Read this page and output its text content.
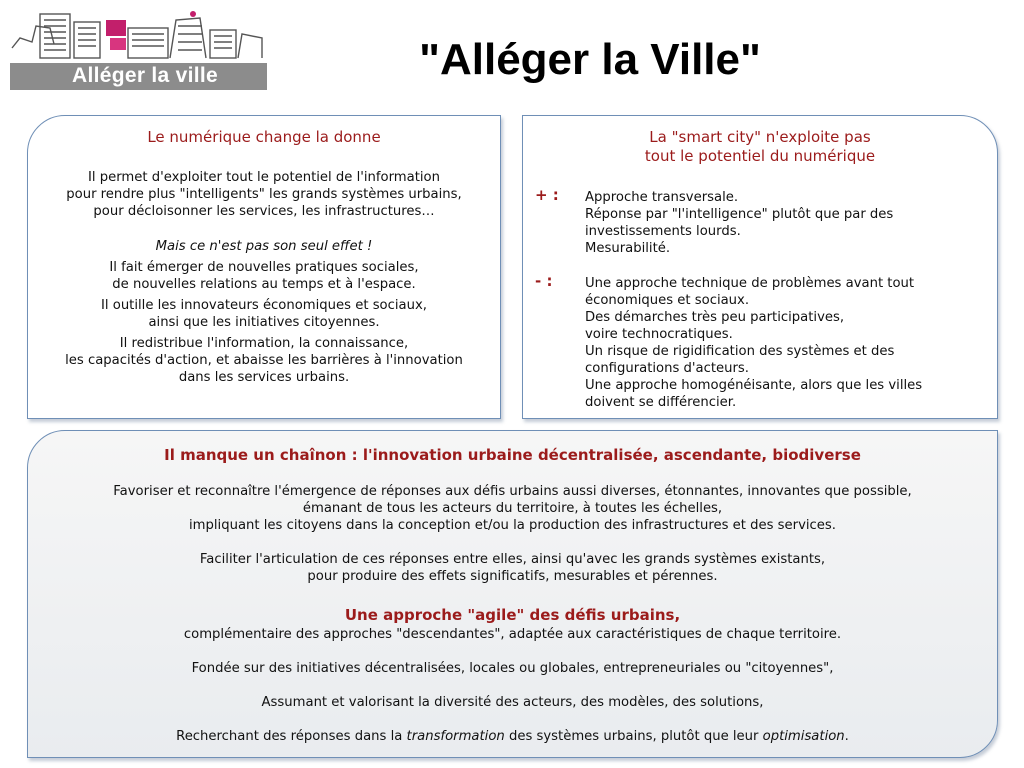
Alléger la ville	"Alléger la Ville"
Le numérique change la donne
Il permet d'exploiter tout le potentiel de l'information
pour rendre plus "intelligents" les grands systèmes urbains,
pour décloisonner les services, les infrastructures…
Mais ce n'est pas son seul effet !
Il fait émerger de nouvelles pratiques sociales,
de nouvelles relations au temps et à l'espace.
Il outille les innovateurs économiques et sociaux,
ainsi que les initiatives citoyennes.
Il redistribue l'information, la connaissance,
les capacités d'action, et abaisse les barrières à l'innovation
dans les services urbains.
La "smart city" n'exploite pas
tout le potentiel du numérique
+ : Approche transversale.
Réponse par "l'intelligence" plutôt que par des
investissements lourds.
Mesurabilité.
- : Une approche technique de problèmes avant tout
économiques et sociaux.
Des démarches très peu participatives,
voire technocratiques.
Un risque de rigidification des systèmes et des
configurations d'acteurs.
Une approche homogénéisante, alors que les villes
doivent se différencier.
Il manque un chaînon : l'innovation urbaine décentralisée, ascendante, biodiverse
Favoriser et reconnaître l'émergence de réponses aux défis urbains aussi diverses, étonnantes, innovantes que possible,
émanant de tous les acteurs du territoire, à toutes les échelles,
impliquant les citoyens dans la conception et/ou la production des infrastructures et des services.
Faciliter l'articulation de ces réponses entre elles, ainsi qu'avec les grands systèmes existants,
pour produire des effets significatifs, mesurables et pérennes.
Une approche "agile" des défis urbains,
complémentaire des approches "descendantes", adaptée aux caractéristiques de chaque territoire.
Fondée sur des initiatives décentralisées, locales ou globales, entrepreneuriales ou "citoyennes",
Assumant et valorisant la diversité des acteurs, des modèles, des solutions,
Recherchant des réponses dans la transformation des systèmes urbains, plutôt que leur optimisation.
